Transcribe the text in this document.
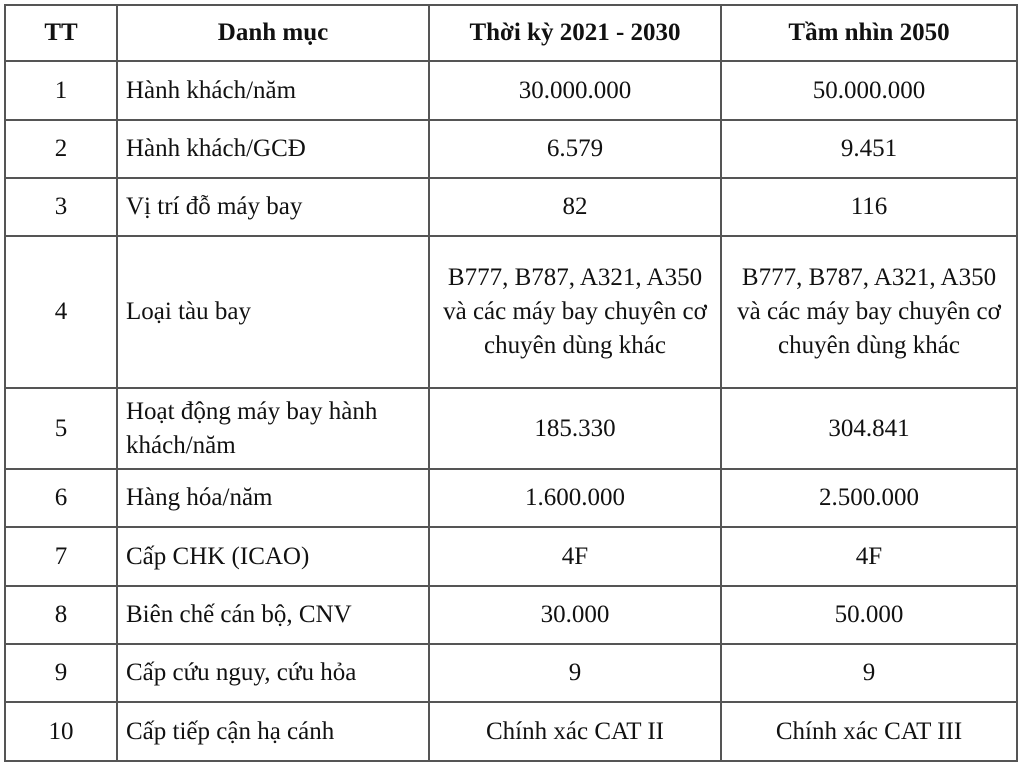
TT	Danh mục	Thời kỳ 2021 - 2030	Tầm nhìn 2050
1	Hành khách/năm	30.000.000	50.000.000
2	Hành khách/GCĐ	6.579	9.451
3	Vị trí đỗ máy bay	82	116
4	Loại tàu bay	B777, B787, A321, A350 và các máy bay chuyên cơ chuyên dùng khác	B777, B787, A321, A350 và các máy bay chuyên cơ chuyên dùng khác
5	Hoạt động máy bay hành khách/năm	185.330	304.841
6	Hàng hóa/năm	1.600.000	2.500.000
7	Cấp CHK (ICAO)	4F	4F
8	Biên chế cán bộ, CNV	30.000	50.000
9	Cấp cứu nguy, cứu hỏa	9	9
10	Cấp tiếp cận hạ cánh	Chính xác CAT II	Chính xác CAT III
